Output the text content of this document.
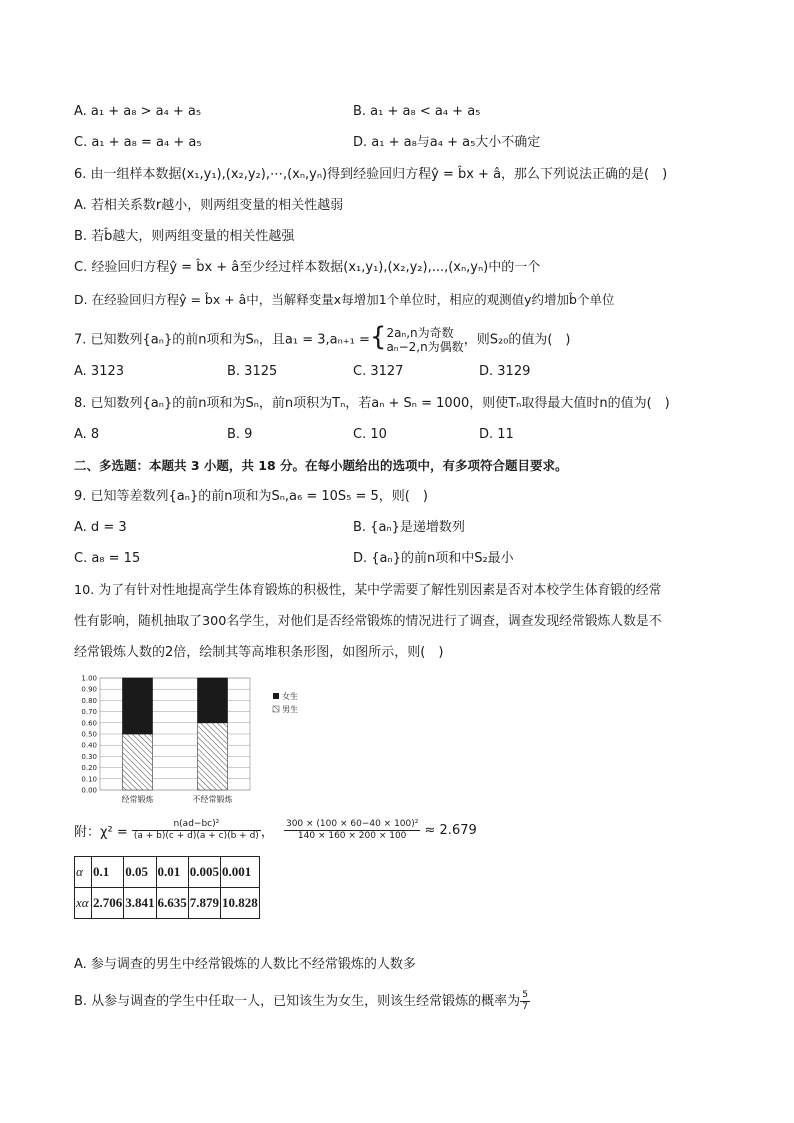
A. a₁ + a₈ > a₄ + a₅	B. a₁ + a₈ < a₄ + a₅
C. a₁ + a₈ = a₄ + a₅	D. a₁ + a₈与a₄ + a₅大小不确定
6. 由一组样本数据(x₁,y₁),(x₂,y₂),⋯,(xₙ,yₙ)得到经验回归方程ŷ = b̂x + â，那么下列说法正确的是(　)
A. 若相关系数r越小，则两组变量的相关性越弱
B. 若b̂越大，则两组变量的相关性越强
C. 经验回归方程ŷ = b̂x + â至少经过样本数据(x₁,y₁),(x₂,y₂),...,(xₙ,yₙ)中的一个
D. 在经验回归方程ŷ = b̂x + â中，当解释变量x每增加1个单位时，相应的观测值y约增加b̂个单位
7. 已知数列{aₙ}的前n项和为Sₙ，且a₁ = 3,aₙ₊₁ ={ 2aₙ,n为奇数
aₙ−2,n为偶数 ，则S₂₀的值为(　)
A. 3123	B. 3125	C. 3127	D. 3129
8. 已知数列{aₙ}的前n项和为Sₙ，前n项积为Tₙ，若aₙ + Sₙ = 1000，则使Tₙ取得最大值时n的值为(　)
A. 8	B. 9	C. 10	D. 11
二、多选题：本题共 3 小题，共 18 分。在每小题给出的选项中，有多项符合题目要求。
9. 已知等差数列{aₙ}的前n项和为Sₙ,a₆ = 10S₅ = 5，则(　)
A. d = 3	B. {aₙ}是递增数列
C. a₈ = 15	D. {aₙ}的前n项和中S₂最小
10. 为了有针对性地提高学生体育锻炼的积极性，某中学需要了解性别因素是否对本校学生体育锻的经常
性有影响，随机抽取了300名学生，对他们是否经常锻炼的情况进行了调查，调查发现经常锻炼人数是不
经常锻炼人数的2倍，绘制其等高堆积条形图，如图所示，则(　)
0.00
0.10
0.20
0.30
0.40
0.50
0.60
0.70
0.80
0.90
1.00
经常锻炼	不经常锻炼
女生
男生
附：$\chi^2 = \frac{\text{n(ad−bc)²}}{(a + b)(c + d)(a + c)(b + d)}$ ， $\frac{\text{300 × (100 × 60−40 × 100)²}}{140 \times 160 \times 200 \times 100} \approx 2.679$
α	0.1	0.05	0.01	0.005	0.001
xα	2.706	3.841	6.635	7.879	10.828
A. 参与调查的男生中经常锻炼的人数比不经常锻炼的人数多
B. 从参与调查的学生中任取一人，已知该生为女生，则该生经常锻炼的概率为 $\frac{5}{7}$
